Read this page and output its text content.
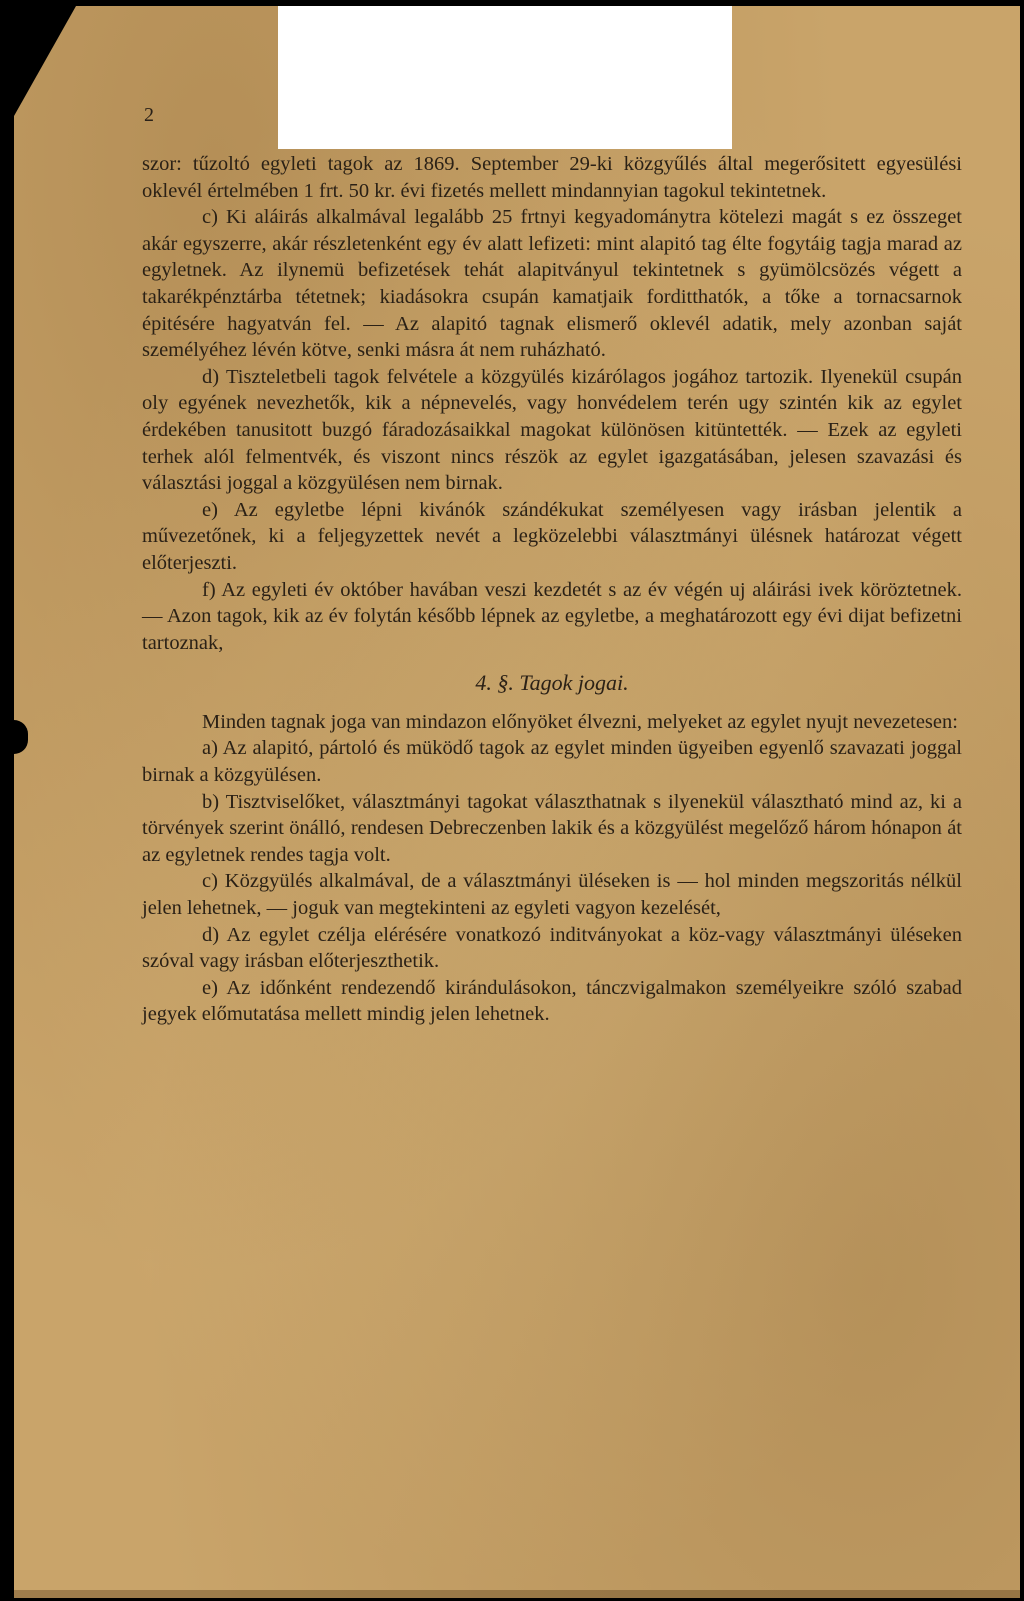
2

szor: tűzoltó egyleti tagok az 1869. September 29-ki közgyűlés által megerősitett egyesülési oklevél értelmében 1 frt. 50 kr. évi fizetés mellett mindannyian tagokul tekintetnek.

c) Ki aláirás alkalmával legalább 25 frtnyi kegyadománytra kötelezi magát s ez összeget akár egyszerre, akár részletenként egy év alatt lefizeti: mint alapitó tag élte fogytáig tagja marad az egyletnek. Az ilynemü befizetések tehát alapitványul tekintetnek s gyümölcsözés végett a takarékpénztárba tétetnek; kiadásokra csupán kamatjaik forditthatók, a tőke a tornacsarnok épitésére hagyatván fel. — Az alapitó tagnak elismerő oklevél adatik, mely azonban saját személyéhez lévén kötve, senki másra át nem ruházható.

d) Tiszteletbeli tagok felvétele a közgyülés kizárólagos jogához tartozik. Ilyenekül csupán oly egyének nevezhetők, kik a népnevelés, vagy honvédelem terén ugy szintén kik az egylet érdekében tanusitott buzgó fáradozásaikkal magokat különösen kitüntették. — Ezek az egyleti terhek alól felmentvék, és viszont nincs részök az egylet igazgatásában, jelesen szavazási és választási joggal a közgyülésen nem birnak.

e) Az egyletbe lépni kivánók szándékukat személyesen vagy irásban jelentik a művezetőnek, ki a feljegyzettek nevét a legközelebbi választmányi ülésnek határozat végett előterjeszti.

f) Az egyleti év október havában veszi kezdetét s az év végén uj aláirási ivek köröztetnek. — Azon tagok, kik az év folytán később lépnek az egyletbe, a meghatározott egy évi dijat befizetni tartoznak,

4. §. Tagok jogai.

Minden tagnak joga van mindazon előnyöket élvezni, melyeket az egylet nyujt nevezetesen:

a) Az alapitó, pártoló és müködő tagok az egylet minden ügyeiben egyenlő szavazati joggal birnak a közgyülésen.

b) Tisztviselőket, választmányi tagokat választhatnak s ilyenekül választható mind az, ki a törvények szerint önálló, rendesen Debreczenben lakik és a közgyülést megelőző három hónapon át az egyletnek rendes tagja volt.

c) Közgyülés alkalmával, de a választmányi üléseken is — hol minden megszoritás nélkül jelen lehetnek, — joguk van megtekinteni az egyleti vagyon kezelését,

d) Az egylet czélja elérésére vonatkozó inditványokat a köz-vagy választmányi üléseken szóval vagy irásban előterjeszthetik.

e) Az időnként rendezendő kirándulásokon, tánczvigalmakon személyeikre szóló szabad jegyek előmutatása mellett mindig jelen lehetnek.
